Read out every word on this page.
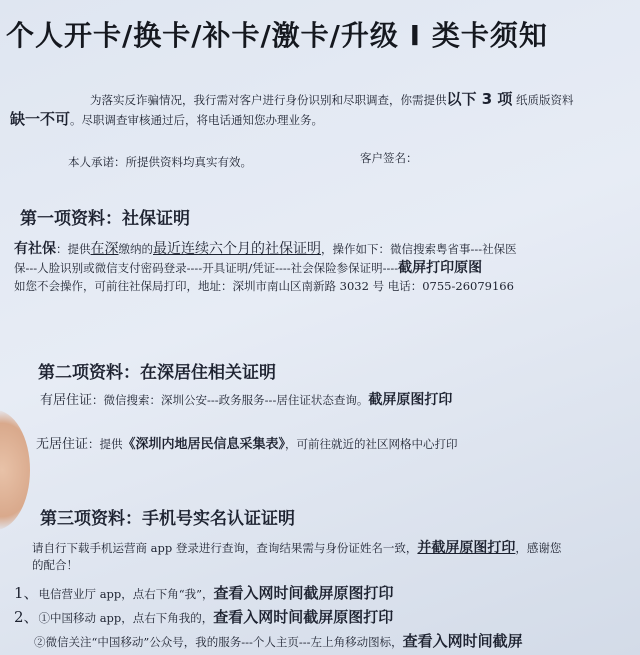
个人开卡/换卡/补卡/激卡/升级 I 类卡须知
为落实反诈骗情况，我行需对客户进行身份识别和尽职调查，你需提供以下 3 项 纸质版资料
缺一不可。尽职调查审核通过后，将电话通知您办理业务。
本人承诺：所提供资料均真实有效。	客户签名：
第一项资料：社保证明
有社保：提供在深缴纳的最近连续六个月的社保证明，操作如下：微信搜索粤省事---社保医
保---人脸识别或微信支付密码登录----开具证明/凭证----社会保险参保证明----截屏打印原图
如您不会操作，可前往社保局打印，地址：深圳市南山区南新路 3032 号 电话：0755-26079166
第二项资料：在深居住相关证明
有居住证：微信搜索：深圳公安---政务服务---居住证状态查询。截屏原图打印
无居住证：提供《深圳内地居民信息采集表》，可前往就近的社区网格中心打印
第三项资料：手机号实名认证证明
请自行下载手机运营商 app 登录进行查询，查询结果需与身份证姓名一致，并截屏原图打印，感谢您
的配合！
1、电信营业厅 app，点右下角“我”，查看入网时间截屏原图打印
2、①中国移动 app，点右下角我的，查看入网时间截屏原图打印
②微信关注“中国移动”公众号，我的服务---个人主页---左上角移动图标，查看入网时间截屏
